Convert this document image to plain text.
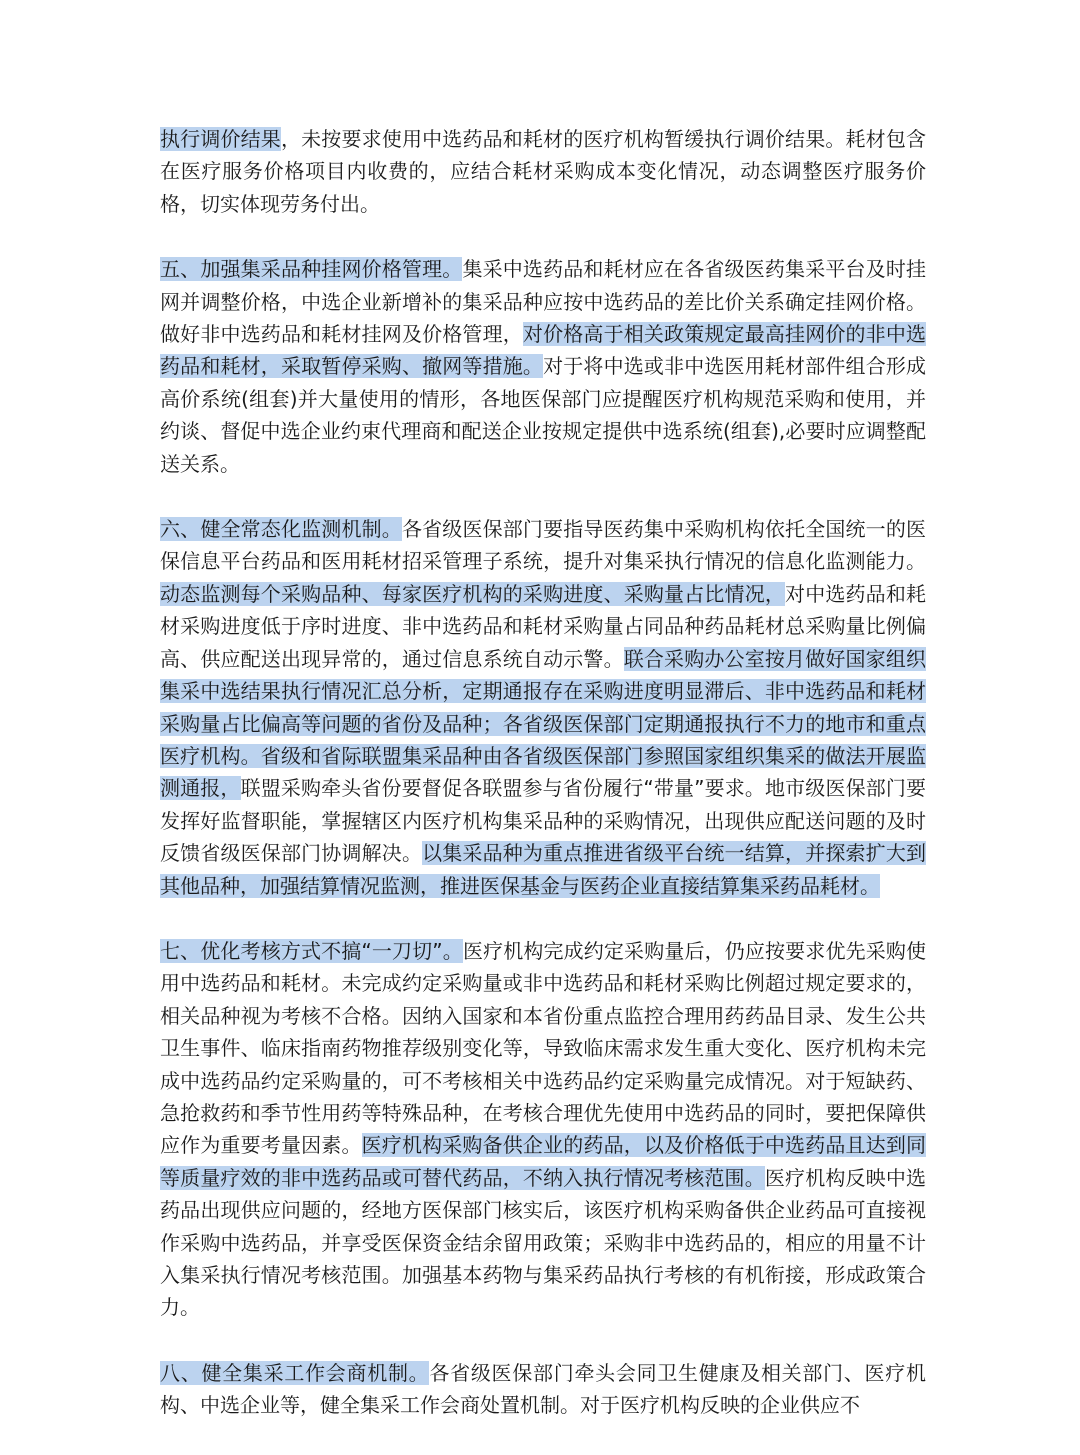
执行调价结果，未按要求使用中选药品和耗材的医疗机构暂缓执行调价结果。耗材包含在医疗服务价格项目内收费的，应结合耗材采购成本变化情况，动态调整医疗服务价格，切实体现劳务付出。

五、加强集采品种挂网价格管理。集采中选药品和耗材应在各省级医药集采平台及时挂网并调整价格，中选企业新增补的集采品种应按中选药品的差比价关系确定挂网价格。做好非中选药品和耗材挂网及价格管理，对价格高于相关政策规定最高挂网价的非中选药品和耗材，采取暂停采购、撤网等措施。对于将中选或非中选医用耗材部件组合形成高价系统(组套)并大量使用的情形，各地医保部门应提醒医疗机构规范采购和使用，并约谈、督促中选企业约束代理商和配送企业按规定提供中选系统(组套),必要时应调整配送关系。

六、健全常态化监测机制。各省级医保部门要指导医药集中采购机构依托全国统一的医保信息平台药品和医用耗材招采管理子系统，提升对集采执行情况的信息化监测能力。动态监测每个采购品种、每家医疗机构的采购进度、采购量占比情况，对中选药品和耗材采购进度低于序时进度、非中选药品和耗材采购量占同品种药品耗材总采购量比例偏高、供应配送出现异常的，通过信息系统自动示警。联合采购办公室按月做好国家组织集采中选结果执行情况汇总分析，定期通报存在采购进度明显滞后、非中选药品和耗材采购量占比偏高等问题的省份及品种；各省级医保部门定期通报执行不力的地市和重点医疗机构。省级和省际联盟集采品种由各省级医保部门参照国家组织集采的做法开展监测通报，联盟采购牵头省份要督促各联盟参与省份履行“带量”要求。地市级医保部门要发挥好监督职能，掌握辖区内医疗机构集采品种的采购情况，出现供应配送问题的及时反馈省级医保部门协调解决。以集采品种为重点推进省级平台统一结算，并探索扩大到其他品种，加强结算情况监测，推进医保基金与医药企业直接结算集采药品耗材。

七、优化考核方式不搞“一刀切”。医疗机构完成约定采购量后，仍应按要求优先采购使用中选药品和耗材。未完成约定采购量或非中选药品和耗材采购比例超过规定要求的，相关品种视为考核不合格。因纳入国家和本省份重点监控合理用药药品目录、发生公共卫生事件、临床指南药物推荐级别变化等，导致临床需求发生重大变化、医疗机构未完成中选药品约定采购量的，可不考核相关中选药品约定采购量完成情况。对于短缺药、急抢救药和季节性用药等特殊品种，在考核合理优先使用中选药品的同时，要把保障供应作为重要考量因素。医疗机构采购备供企业的药品，以及价格低于中选药品且达到同等质量疗效的非中选药品或可替代药品，不纳入执行情况考核范围。医疗机构反映中选药品出现供应问题的，经地方医保部门核实后，该医疗机构采购备供企业药品可直接视作采购中选药品，并享受医保资金结余留用政策；采购非中选药品的，相应的用量不计入集采执行情况考核范围。加强基本药物与集采药品执行考核的有机衔接，形成政策合力。

八、健全集采工作会商机制。各省级医保部门牵头会同卫生健康及相关部门、医疗机构、中选企业等，健全集采工作会商处置机制。对于医疗机构反映的企业供应不
